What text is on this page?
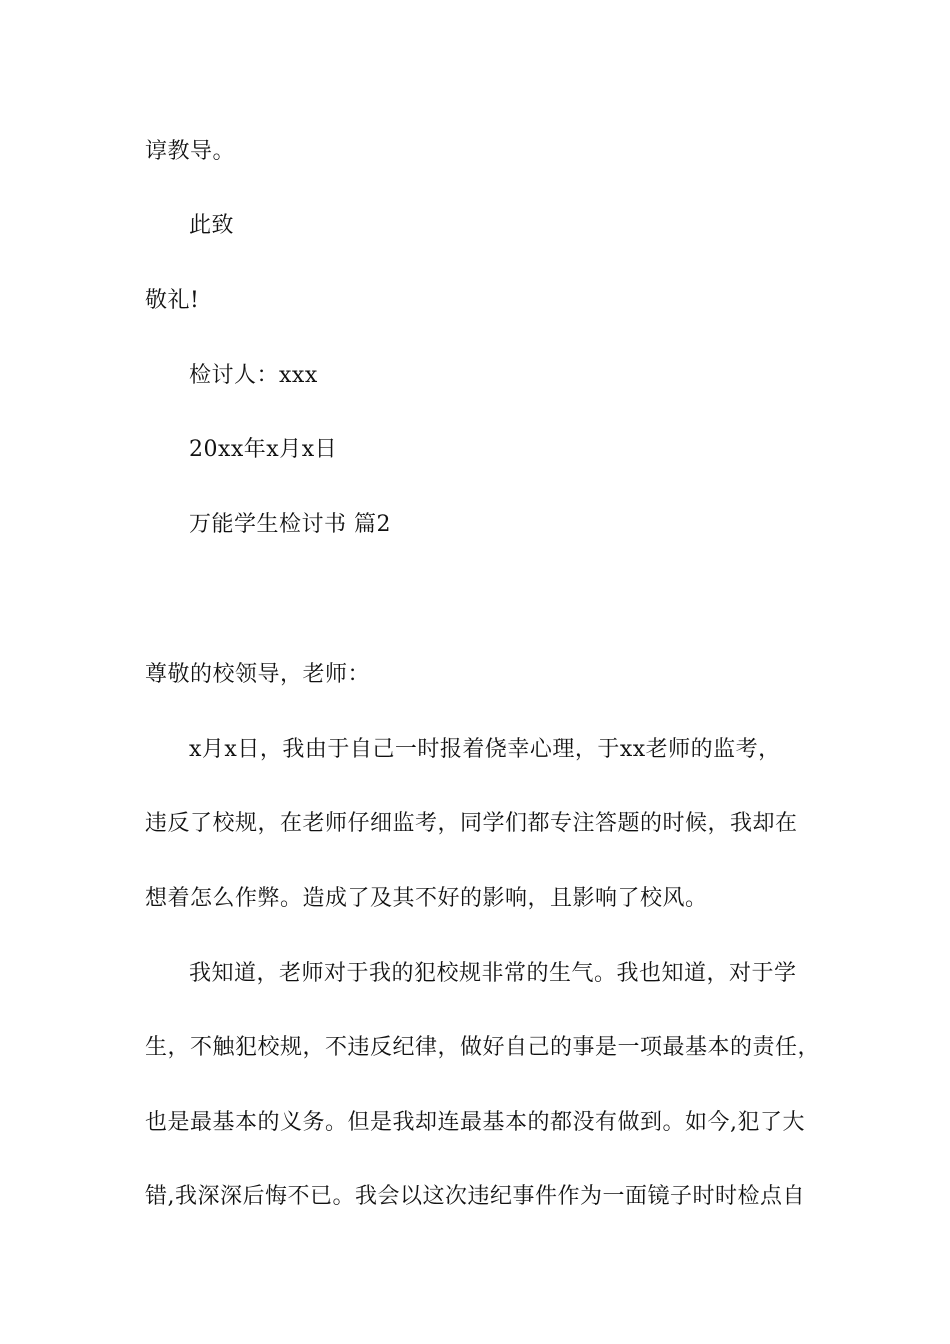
谆教导。
此致
敬礼!
检讨人：xxx
20xx年x月x日
万能学生检讨书 篇2
尊敬的校领导，老师：
x月x日，我由于自己一时报着侥幸心理，于xx老师的监考，
违反了校规，在老师仔细监考，同学们都专注答题的时候，我却在
想着怎么作弊。造成了及其不好的影响，且影响了校风。
我知道，老师对于我的犯校规非常的生气。我也知道，对于学
生，不触犯校规，不违反纪律，做好自己的事是一项最基本的责任，
也是最基本的义务。但是我却连最基本的都没有做到。如今,犯了大
错,我深深后悔不已。我会以这次违纪事件作为一面镜子时时检点自
